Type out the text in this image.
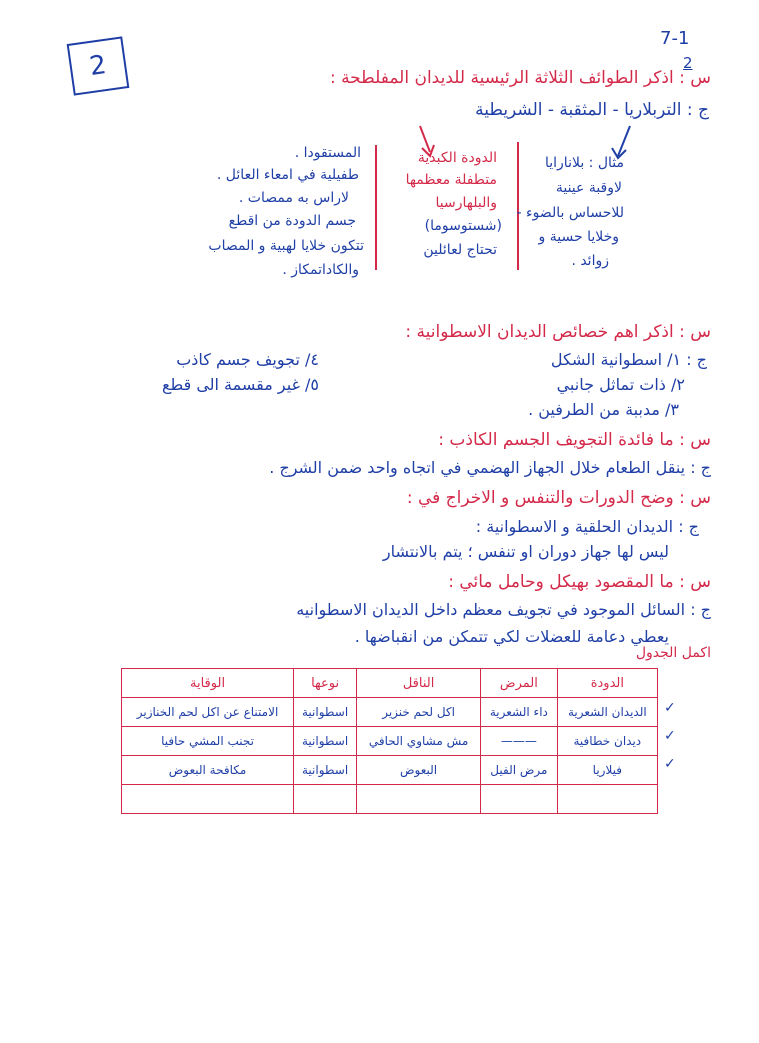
2
7-1
2
س : اذكر الطوائف الثلاثة الرئيسية للديدان المفلطحة :
ج : التربلاريا - المثقبة - الشريطية
المستقودا .
طفيلية في امعاء العائل .
لاراس به ممصات .
جسم الدودة من اقطع
تتكون خلايا لهبية و المصاب
والكاداتمكاز .
الدودة الكبدية
متطفلة معظمها
والبلهارسيا
(شستوسوما)
تحتاج لعائلين
مثال : بلانارايا
لاوقبة عينية
للاحساس بالضوء -
وخلايا حسية و
زوائد .
س : اذكر اهم خصائص الديدان الاسطوانية :
ج : ١/ اسطوانية الشكل
٤/ تجويف جسم كاذب
٢/ ذات تماثل جانبي
٥/ غير مقسمة الى قطع
٣/ مدببة من الطرفين .
س : ما فائدة التجويف الجسم الكاذب :
ج : ينقل الطعام خلال الجهاز الهضمي في اتجاه واحد ضمن الشرج .
س : وضح الدورات والتنفس و الاخراج في :
ج : الديدان الحلقية و الاسطوانية :
ليس لها جهاز دوران او تنفس ؛ يتم بالانتشار
س : ما المقصود بهيكل وحامل مائي :
ج : السائل الموجود في تجويف معظم داخل الديدان الاسطوانيه
يعطي دعامة للعضلات لكي تتمكن من انقباضها .
اكمل الجدول
الدودة	المرض	الناقل	نوعها	الوقاية
الديدان الشعرية	داء الشعرية	اكل لحم خنزير	اسطوانية	الامتناع عن اكل لحم الخنازير
ديدان خطافية	———	مش مشاوي الحافي	اسطوانية	تجنب المشي حافيا
فيلاريا	مرض الفيل	البعوض	اسطوانية	مكافحة البعوض

✓
✓
✓
